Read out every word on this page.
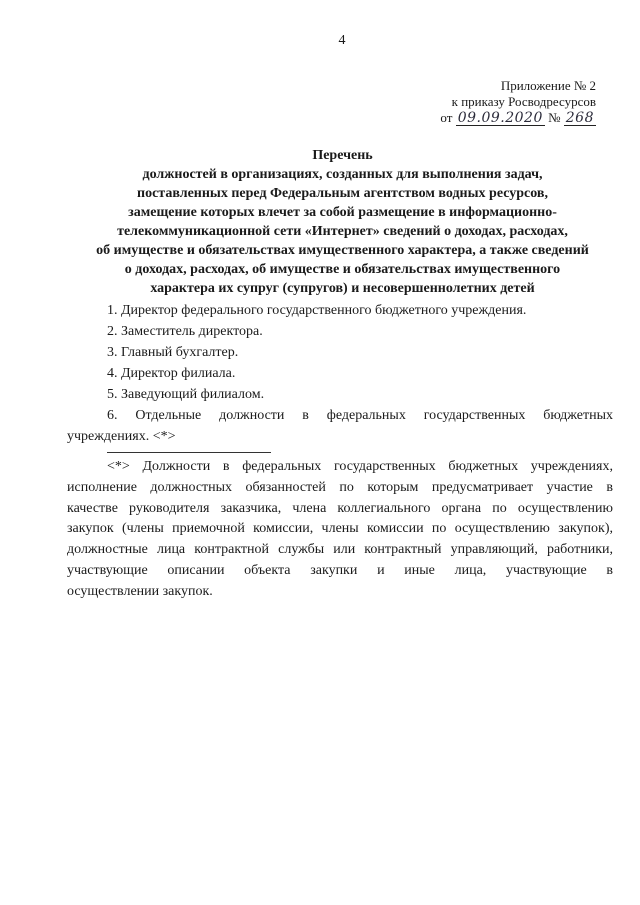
4
Приложение № 2
к приказу Росводресурсов
от 09.09.2020 № 268
Перечень
должностей в организациях, созданных для выполнения задач,
поставленных перед Федеральным агентством водных ресурсов,
замещение которых влечет за собой размещение в информационно-
телекоммуникационной сети «Интернет» сведений о доходах, расходах,
об имуществе и обязательствах имущественного характера, а также сведений
о доходах, расходах, об имуществе и обязательствах имущественного
характера их супруг (супругов) и несовершеннолетних детей
1. Директор федерального государственного бюджетного учреждения.
2. Заместитель директора.
3. Главный бухгалтер.
4. Директор филиала.
5. Заведующий филиалом.
6. Отдельные должности в федеральных государственных бюджетных
учреждениях. <*>
<*> Должности в федеральных государственных бюджетных учреждениях,
исполнение должностных обязанностей по которым предусматривает участие в
качестве руководителя заказчика, члена коллегиального органа по осуществлению
закупок (члены приемочной комиссии, члены комиссии по осуществлению закупок),
должностные лица контрактной службы или контрактный управляющий, работники,
участвующие описании объекта закупки и иные лица, участвующие в
осуществлении закупок.
